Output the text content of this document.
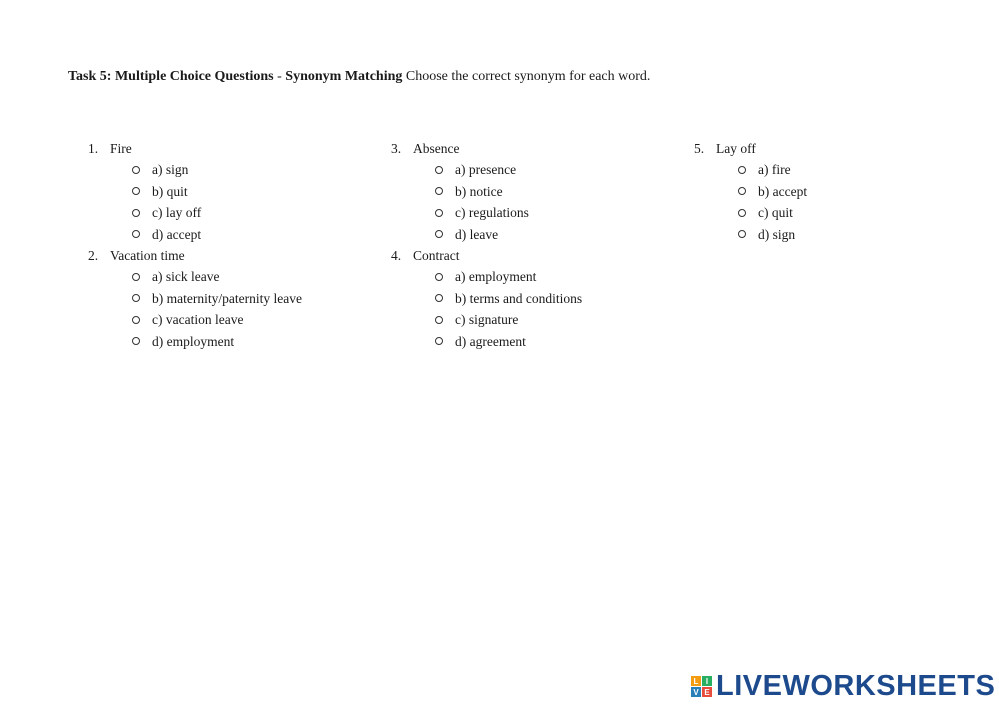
Task 5: Multiple Choice Questions - Synonym Matching Choose the correct synonym for each word.
1. Fire
a) sign
b) quit
c) lay off
d) accept
2. Vacation time
a) sick leave
b) maternity/paternity leave
c) vacation leave
d) employment
3. Absence
a) presence
b) notice
c) regulations
d) leave
4. Contract
a) employment
b) terms and conditions
c) signature
d) agreement
5. Lay off
a) fire
b) accept
c) quit
d) sign
L I
V E LIVEWORKSHEETS
